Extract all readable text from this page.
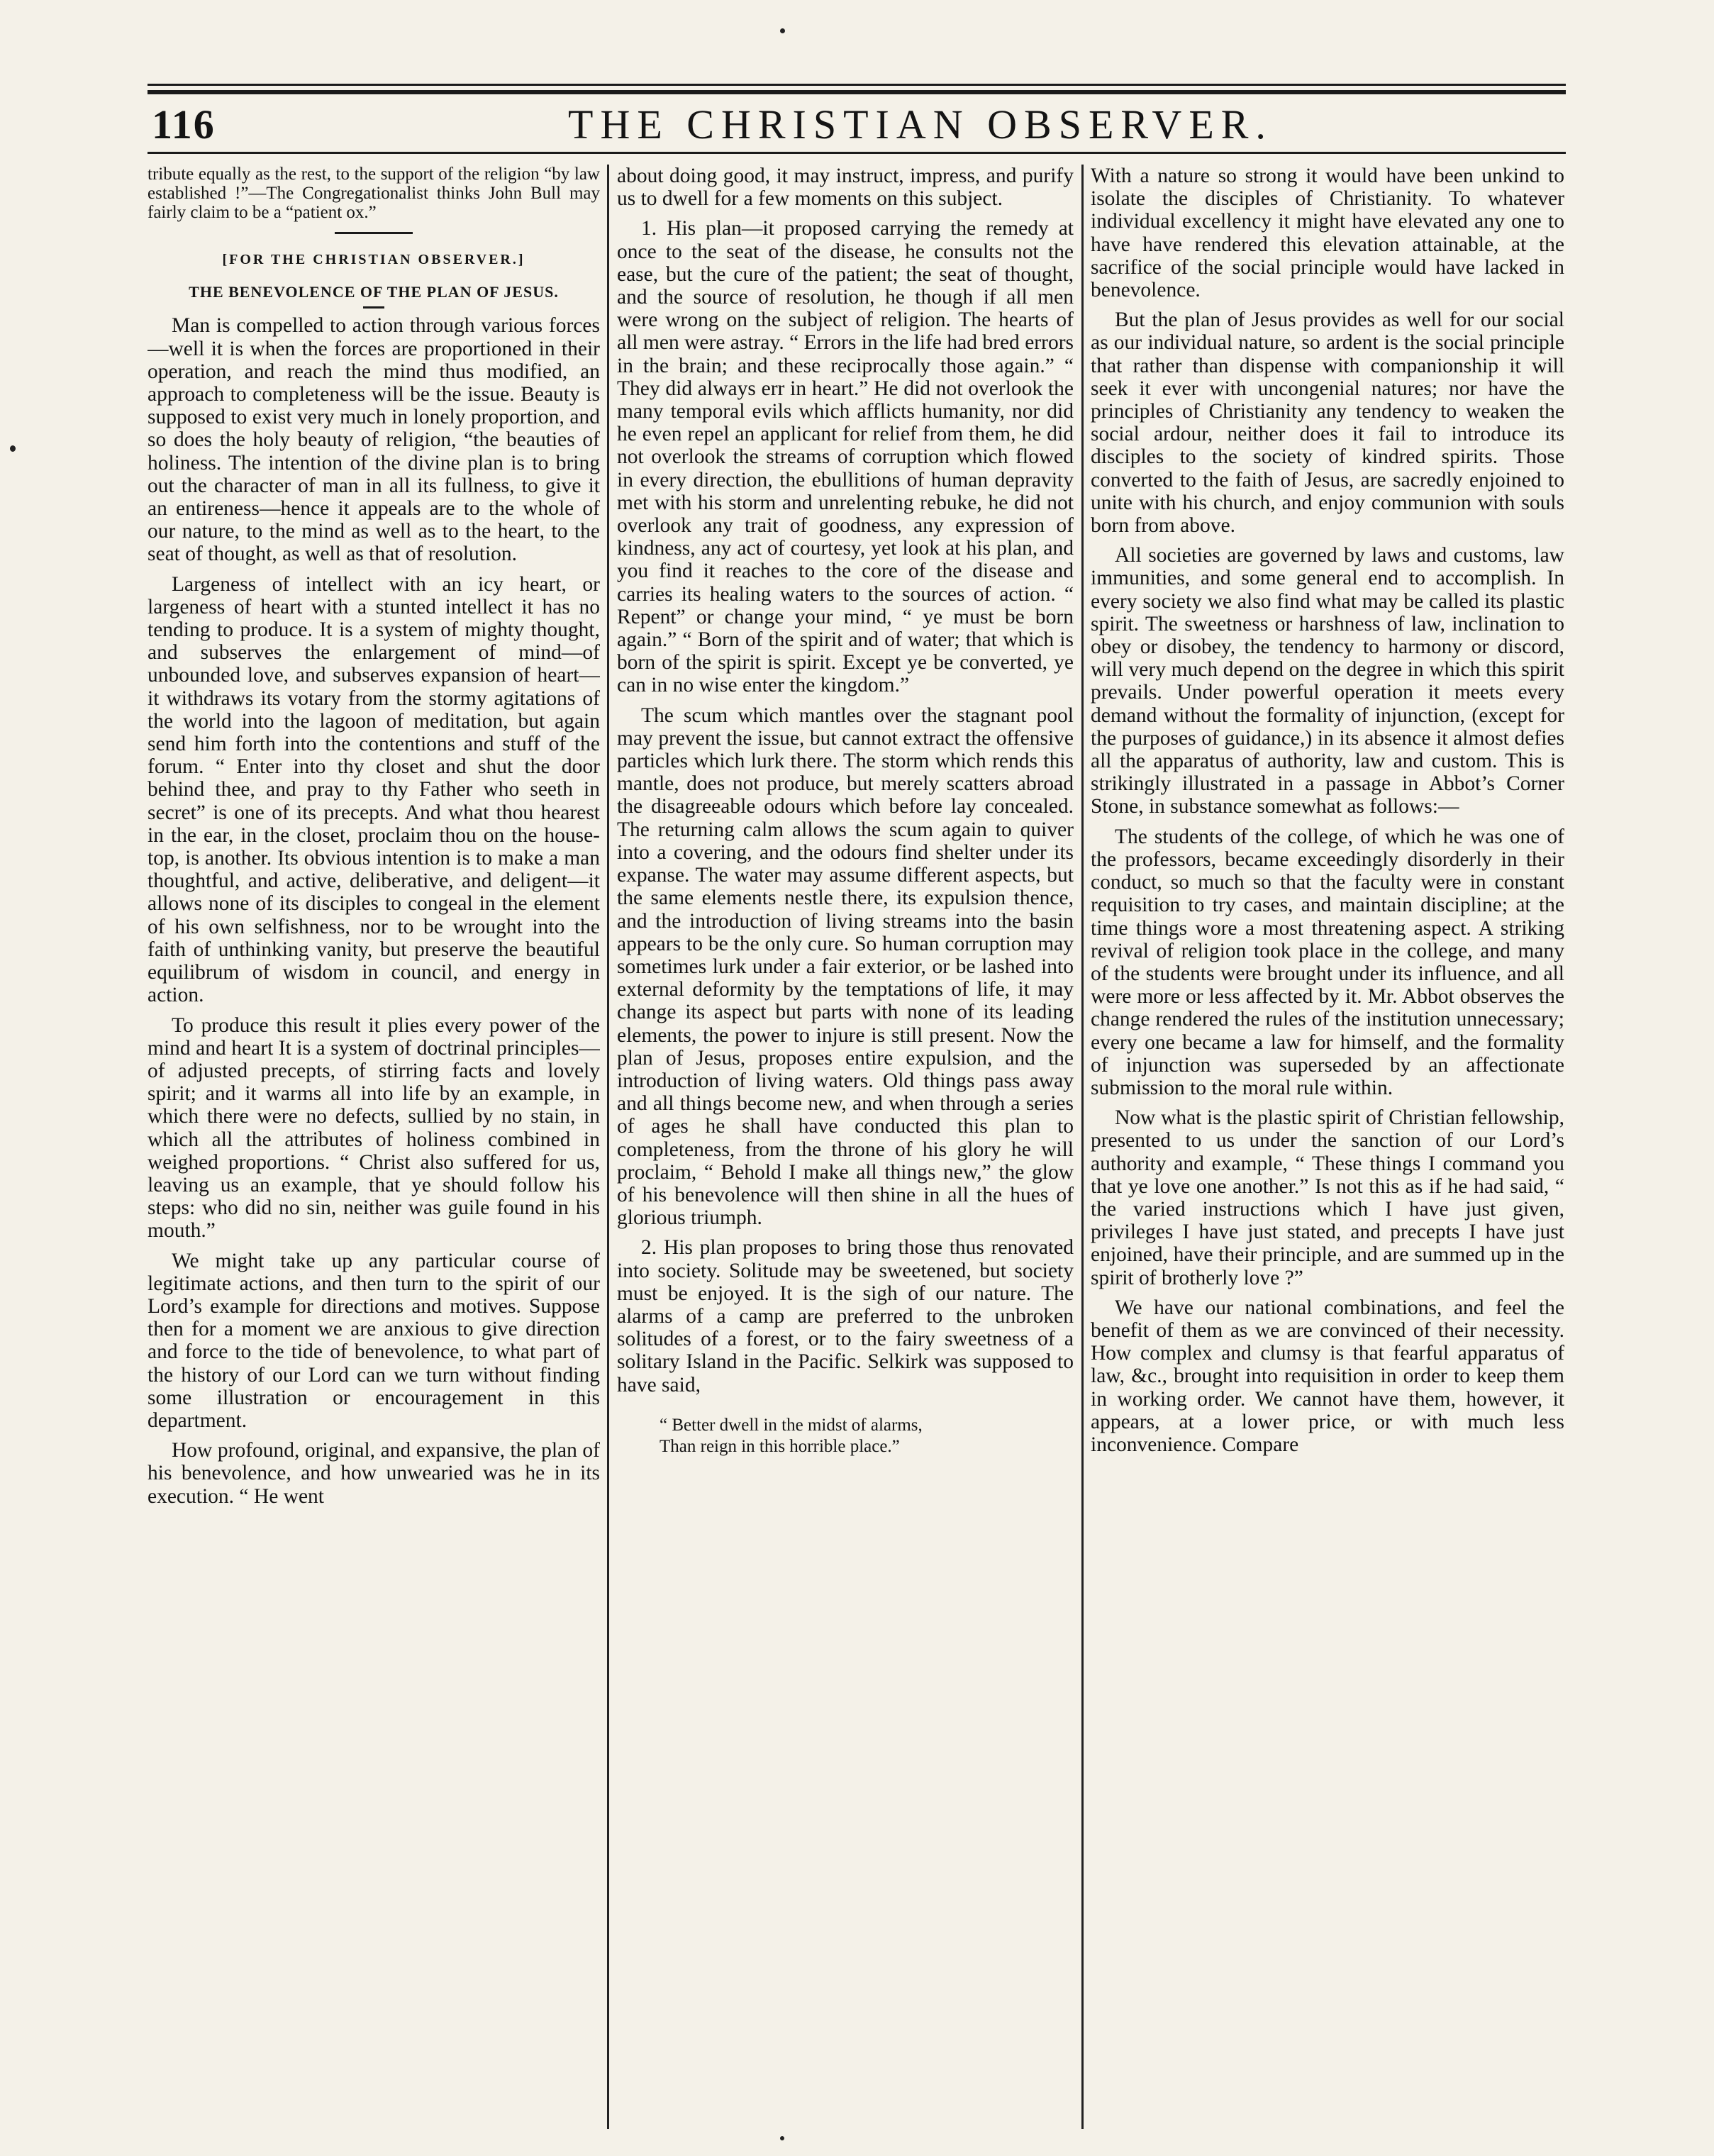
116	THE CHRISTIAN OBSERVER.

tribute equally as the rest, to the support of the religion “by law established !”—The Congregationalist thinks John Bull may fairly claim to be a “patient ox.”

[FOR THE CHRISTIAN OBSERVER.]
THE BENEVOLENCE OF THE PLAN OF JESUS.

Man is compelled to action through various forces—well it is when the forces are proportioned in their operation, and reach the mind thus modified, an approach to completeness will be the issue. Beauty is supposed to exist very much in lonely proportion, and so does the holy beauty of religion, “the beauties of holiness. The intention of the divine plan is to bring out the character of man in all its fullness, to give it an entireness—hence it appeals are to the whole of our nature, to the mind as well as to the heart, to the seat of thought, as well as that of resolution.

Largeness of intellect with an icy heart, or largeness of heart with a stunted intellect it has no tending to produce. It is a system of mighty thought, and subserves the enlargement of mind—of unbounded love, and subserves expansion of heart—it withdraws its votary from the stormy agitations of the world into the lagoon of meditation, but again send him forth into the contentions and stuff of the forum. “ Enter into thy closet and shut the door behind thee, and pray to thy Father who seeth in secret” is one of its precepts. And what thou hearest in the ear, in the closet, proclaim thou on the house-top, is another. Its obvious intention is to make a man thoughtful, and active, deliberative, and deligent—it allows none of its disciples to congeal in the element of his own selfishness, nor to be wrought into the faith of unthinking vanity, but preserve the beautiful equilibrum of wisdom in council, and energy in action.

To produce this result it plies every power of the mind and heart It is a system of doctrinal principles—of adjusted precepts, of stirring facts and lovely spirit; and it warms all into life by an example, in which there were no defects, sullied by no stain, in which all the attributes of holiness combined in weighed proportions. “ Christ also suffered for us, leaving us an example, that ye should follow his steps: who did no sin, neither was guile found in his mouth.”

We might take up any particular course of legitimate actions, and then turn to the spirit of our Lord’s example for directions and motives. Suppose then for a moment we are anxious to give direction and force to the tide of benevolence, to what part of the history of our Lord can we turn without finding some illustration or encouragement in this department.

How profound, original, and expansive, the plan of his benevolence, and how unwearied was he in its execution. “ He went

about doing good, it may instruct, impress, and purify us to dwell for a few moments on this subject.

1. His plan—it proposed carrying the remedy at once to the seat of the disease, he consults not the ease, but the cure of the patient; the seat of thought, and the source of resolution, he though if all men were wrong on the subject of religion. The hearts of all men were astray. “ Errors in the life had bred errors in the brain; and these reciprocally those again.” “ They did always err in heart.” He did not overlook the many temporal evils which afflicts humanity, nor did he even repel an applicant for relief from them, he did not overlook the streams of corruption which flowed in every direction, the ebullitions of human depravity met with his storm and unrelenting rebuke, he did not overlook any trait of goodness, any expression of kindness, any act of courtesy, yet look at his plan, and you find it reaches to the core of the disease and carries its healing waters to the sources of action. “ Repent” or change your mind, “ ye must be born again.” “ Born of the spirit and of water; that which is born of the spirit is spirit. Except ye be converted, ye can in no wise enter the kingdom.”

The scum which mantles over the stagnant pool may prevent the issue, but cannot extract the offensive particles which lurk there. The storm which rends this mantle, does not produce, but merely scatters abroad the disagreeable odours which before lay concealed. The returning calm allows the scum again to quiver into a covering, and the odours find shelter under its expanse. The water may assume different aspects, but the same elements nestle there, its expulsion thence, and the introduction of living streams into the basin appears to be the only cure. So human corruption may sometimes lurk under a fair exterior, or be lashed into external deformity by the temptations of life, it may change its aspect but parts with none of its leading elements, the power to injure is still present. Now the plan of Jesus, proposes entire expulsion, and the introduction of living waters. Old things pass away and all things become new, and when through a series of ages he shall have conducted this plan to completeness, from the throne of his glory he will proclaim, “ Behold I make all things new,” the glow of his benevolence will then shine in all the hues of glorious triumph.

2. His plan proposes to bring those thus renovated into society. Solitude may be sweetened, but society must be enjoyed. It is the sigh of our nature. The alarms of a camp are preferred to the unbroken solitudes of a forest, or to the fairy sweetness of a solitary Island in the Pacific. Selkirk was supposed to have said,

“ Better dwell in the midst of alarms,
Than reign in this horrible place.”

With a nature so strong it would have been unkind to isolate the disciples of Christianity. To whatever individual excellency it might have elevated any one to have have rendered this elevation attainable, at the sacrifice of the social principle would have lacked in benevolence.

But the plan of Jesus provides as well for our social as our individual nature, so ardent is the social principle that rather than dispense with companionship it will seek it ever with uncongenial natures; nor have the principles of Christianity any tendency to weaken the social ardour, neither does it fail to introduce its disciples to the society of kindred spirits. Those converted to the faith of Jesus, are sacredly enjoined to unite with his church, and enjoy communion with souls born from above.

All societies are governed by laws and customs, law immunities, and some general end to accomplish. In every society we also find what may be called its plastic spirit. The sweetness or harshness of law, inclination to obey or disobey, the tendency to harmony or discord, will very much depend on the degree in which this spirit prevails. Under powerful operation it meets every demand without the formality of injunction, (except for the purposes of guidance,) in its absence it almost defies all the apparatus of authority, law and custom. This is strikingly illustrated in a passage in Abbot’s Corner Stone, in substance somewhat as follows:—

The students of the college, of which he was one of the professors, became exceedingly disorderly in their conduct, so much so that the faculty were in constant requisition to try cases, and maintain discipline; at the time things wore a most threatening aspect. A striking revival of religion took place in the college, and many of the students were brought under its influence, and all were more or less affected by it. Mr. Abbot observes the change rendered the rules of the institution unnecessary; every one became a law for himself, and the formality of injunction was superseded by an affectionate submission to the moral rule within.

Now what is the plastic spirit of Christian fellowship, presented to us under the sanction of our Lord’s authority and example, “ These things I command you that ye love one another.” Is not this as if he had said, “ the varied instructions which I have just given, privileges I have just stated, and precepts I have just enjoined, have their principle, and are summed up in the spirit of brotherly love ?”

We have our national combinations, and feel the benefit of them as we are convinced of their necessity. How complex and clumsy is that fearful apparatus of law, &c., brought into requisition in order to keep them in working order. We cannot have them, however, it appears, at a lower price, or with much less inconvenience. Compare
